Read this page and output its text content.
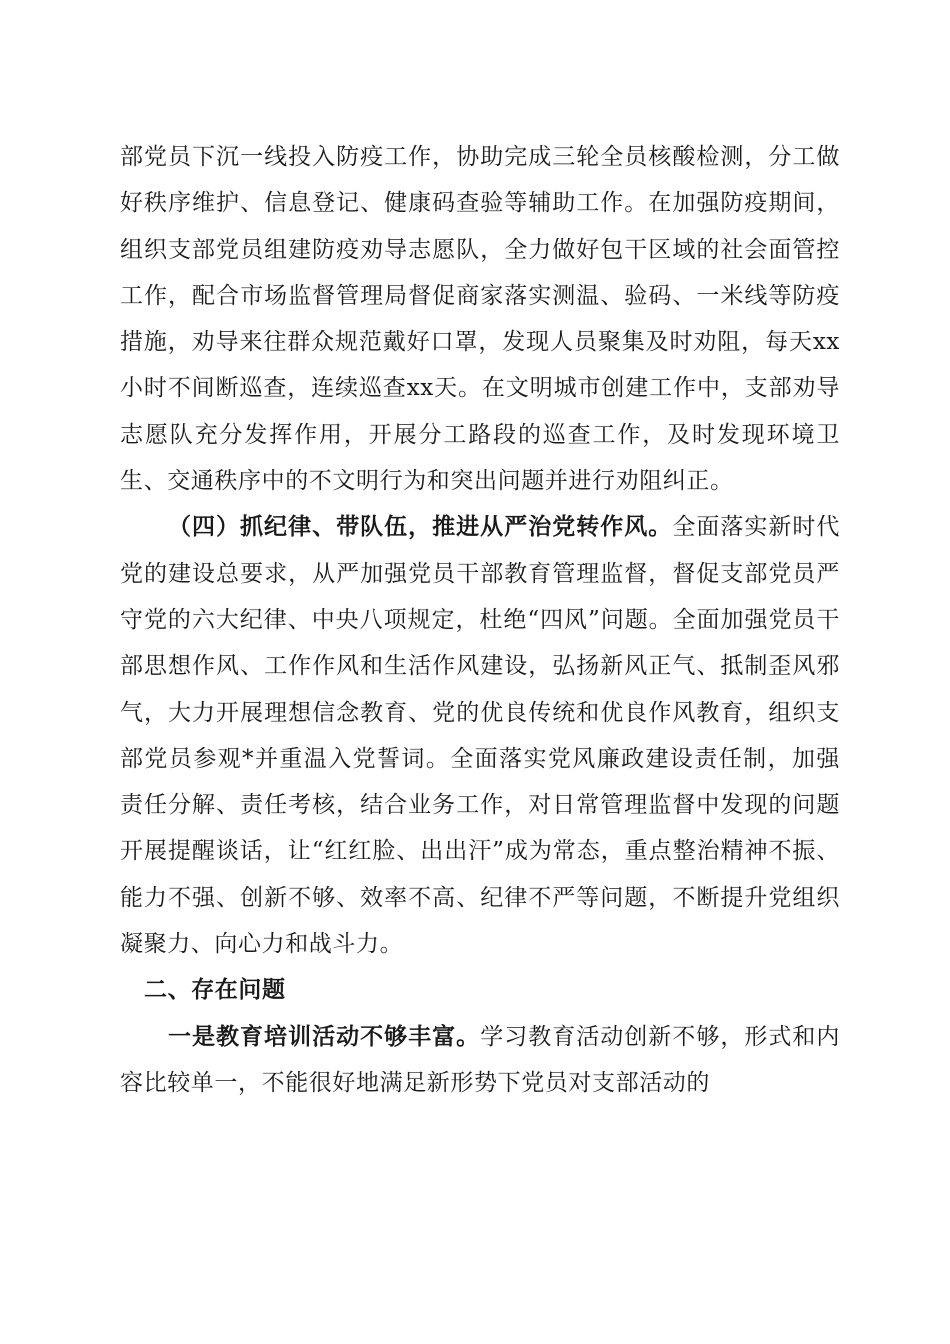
部党员下沉一线投入防疫工作，协助完成三轮全员核酸检测，分工做好秩序维护、信息登记、健康码查验等辅助工作。在加强防疫期间，组织支部党员组建防疫劝导志愿队，全力做好包干区域的社会面管控工作，配合市场监督管理局督促商家落实测温、验码、一米线等防疫措施，劝导来往群众规范戴好口罩，发现人员聚集及时劝阻，每天xx小时不间断巡查，连续巡查xx天。在文明城市创建工作中，支部劝导志愿队充分发挥作用，开展分工路段的巡查工作，及时发现环境卫生、交通秩序中的不文明行为和突出问题并进行劝阻纠正。

（四）抓纪律、带队伍，推进从严治党转作风。全面落实新时代党的建设总要求，从严加强党员干部教育管理监督，督促支部党员严守党的六大纪律、中央八项规定，杜绝“四风”问题。全面加强党员干部思想作风、工作作风和生活作风建设，弘扬新风正气、抵制歪风邪气，大力开展理想信念教育、党的优良传统和优良作风教育，组织支部党员参观*并重温入党誓词。全面落实党风廉政建设责任制，加强责任分解、责任考核，结合业务工作，对日常管理监督中发现的问题开展提醒谈话，让“红红脸、出出汗”成为常态，重点整治精神不振、能力不强、创新不够、效率不高、纪律不严等问题，不断提升党组织凝聚力、向心力和战斗力。

二、存在问题

一是教育培训活动不够丰富。学习教育活动创新不够，形式和内容比较单一，不能很好地满足新形势下党员对支部活动的
